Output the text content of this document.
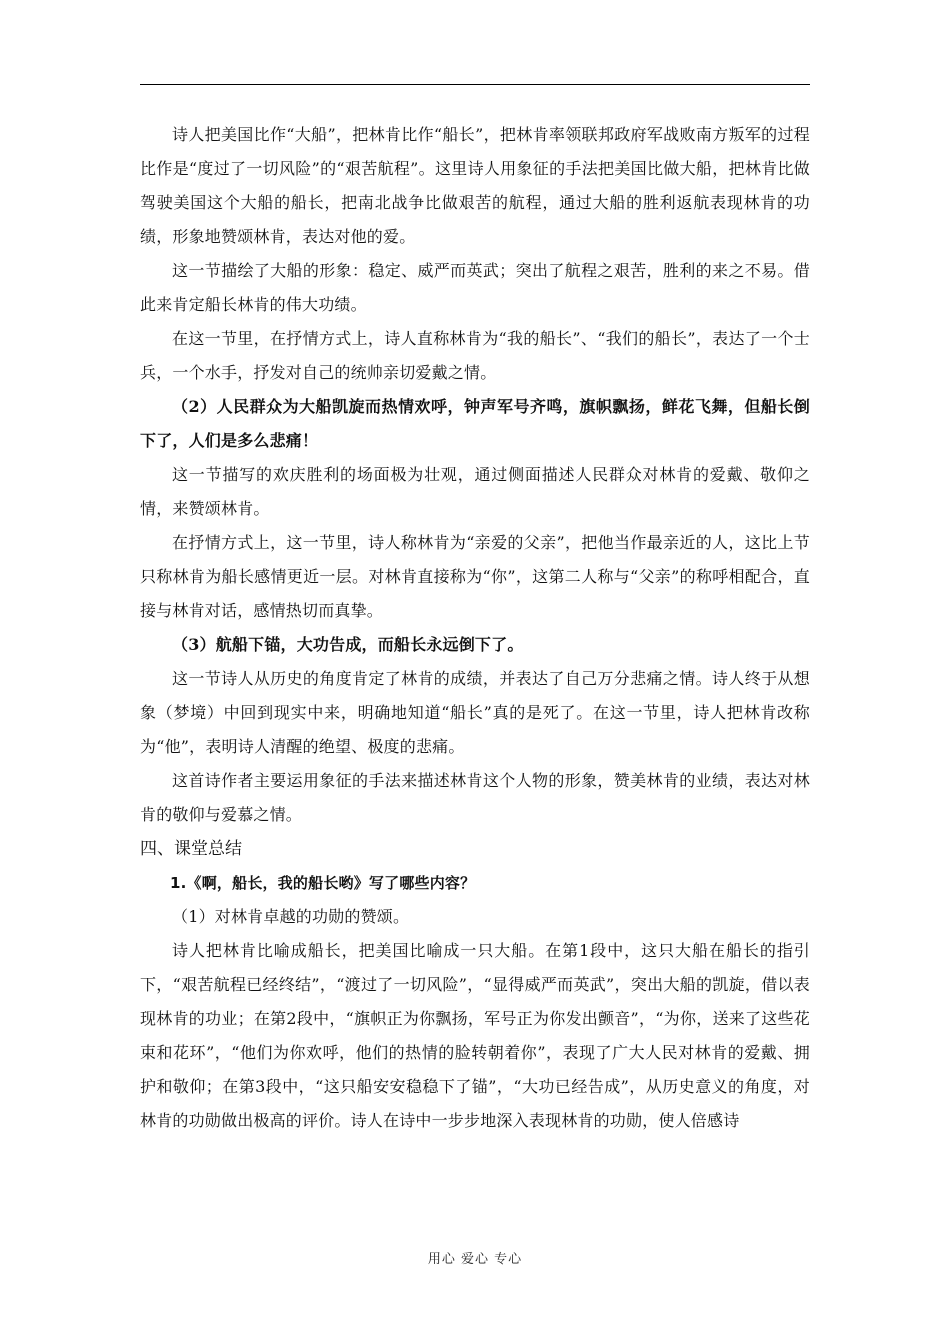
诗人把美国比作“大船”，把林肯比作“船长”，把林肯率领联邦政府军战败南方叛军的过程比作是“度过了一切风险”的“艰苦航程”。这里诗人用象征的手法把美国比做大船，把林肯比做驾驶美国这个大船的船长，把南北战争比做艰苦的航程，通过大船的胜利返航表现林肯的功绩，形象地赞颂林肯，表达对他的爱。

这一节描绘了大船的形象：稳定、威严而英武；突出了航程之艰苦，胜利的来之不易。借此来肯定船长林肯的伟大功绩。

在这一节里，在抒情方式上，诗人直称林肯为“我的船长”、“我们的船长”，表达了一个士兵，一个水手，抒发对自己的统帅亲切爱戴之情。

（2）人民群众为大船凯旋而热情欢呼，钟声军号齐鸣，旗帜飘扬，鲜花飞舞，但船长倒下了，人们是多么悲痛！

这一节描写的欢庆胜利的场面极为壮观，通过侧面描述人民群众对林肯的爱戴、敬仰之情，来赞颂林肯。

在抒情方式上，这一节里，诗人称林肯为“亲爱的父亲”，把他当作最亲近的人，这比上节只称林肯为船长感情更近一层。对林肯直接称为“你”，这第二人称与“父亲”的称呼相配合，直接与林肯对话，感情热切而真挚。

（3）航船下锚，大功告成，而船长永远倒下了。

这一节诗人从历史的角度肯定了林肯的成绩，并表达了自己万分悲痛之情。诗人终于从想象（梦境）中回到现实中来，明确地知道“船长”真的是死了。在这一节里，诗人把林肯改称为“他”，表明诗人清醒的绝望、极度的悲痛。

这首诗作者主要运用象征的手法来描述林肯这个人物的形象，赞美林肯的业绩，表达对林肯的敬仰与爱慕之情。

四、课堂总结

1.《啊，船长，我的船长哟》写了哪些内容？

（1）对林肯卓越的功勋的赞颂。

诗人把林肯比喻成船长，把美国比喻成一只大船。在第1段中，这只大船在船长的指引下，“艰苦航程已经终结”，“渡过了一切风险”，“显得威严而英武”，突出大船的凯旋，借以表现林肯的功业；在第2段中，“旗帜正为你飘扬，军号正为你发出颤音”，“为你，送来了这些花束和花环”，“他们为你欢呼，他们的热情的脸转朝着你”，表现了广大人民对林肯的爱戴、拥护和敬仰；在第3段中，“这只船安安稳稳下了锚”，“大功已经告成”，从历史意义的角度，对林肯的功勋做出极高的评价。诗人在诗中一步步地深入表现林肯的功勋，使人倍感诗

用心 爱心 专心
